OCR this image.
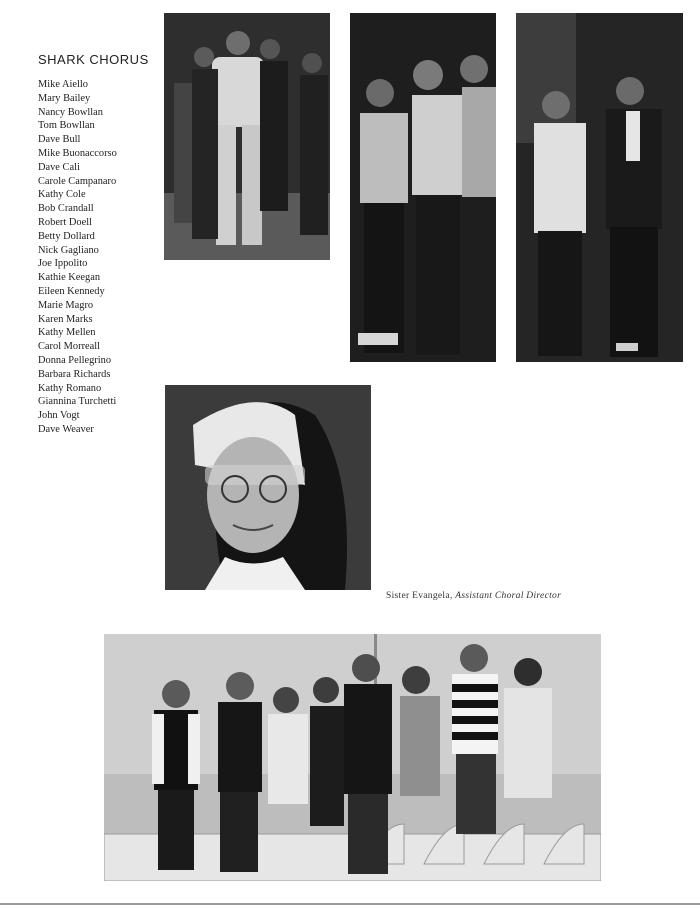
SHARK CHORUS
Mike Aiello
Mary Bailey
Nancy Bowllan
Tom Bowllan
Dave Bull
Mike Buonaccorso
Dave Cali
Carole Campanaro
Kathy Cole
Bob Crandall
Robert Doell
Betty Dollard
Nick Gagliano
Joe Ippolito
Kathie Keegan
Eileen Kennedy
Marie Magro
Karen Marks
Kathy Mellen
Carol Morreall
Donna Pellegrino
Barbara Richards
Kathy Romano
Giannina Turchetti
John Vogt
Dave Weaver
Sister Evangela, Assistant Choral Director
